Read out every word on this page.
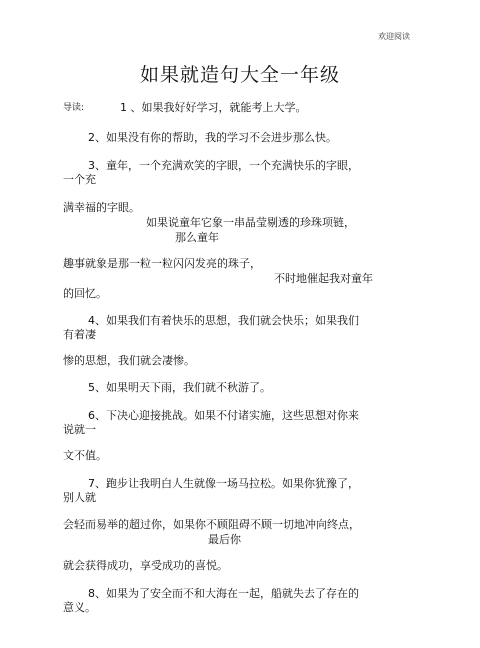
欢迎阅读
如果就造句大全一年级
导读:	1 、如果我好好学习，就能考上大学。
2、如果没有你的帮助，我的学习不会进步那么快。
3、童年，一个充满欢笑的字眼，一个充满快乐的字眼，
一个充
满幸福的字眼。
如果说童年它象一串晶莹剔透的珍珠项链，
那么童年
趣事就象是那一粒一粒闪闪发亮的珠子，
不时地催起我对童年
的回忆。
4、如果我们有着快乐的思想，我们就会快乐；如果我们
有着凄
惨的思想，我们就会凄惨。
5、如果明天下雨，我们就不秋游了。
6、下决心迎接挑战。如果不付诸实施，这些思想对你来
说就一
文不值。
7、跑步让我明白人生就像一场马拉松。如果你犹豫了，
别人就
会轻而易举的超过你，如果你不顾阻碍不顾一切地冲向终点，
最后你
就会获得成功，享受成功的喜悦。
8、如果为了安全而不和大海在一起，船就失去了存在的
意义。
